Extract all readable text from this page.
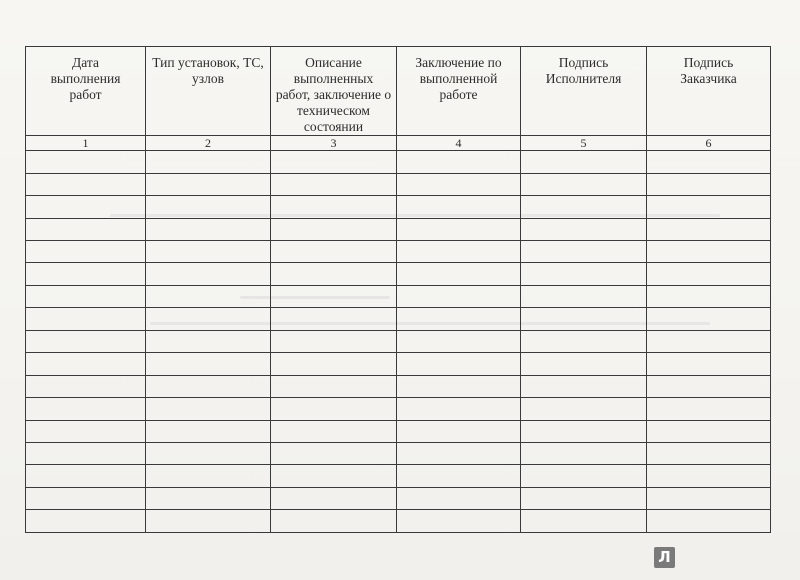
Дата выполнения работ	Тип установок, ТС, узлов	Описание выполненных работ, заключение о техническом состоянии	Заключение по выполненной работе	Подпись Исполнителя	Подпись Заказчика

1	2	3	4	5	6

Л
